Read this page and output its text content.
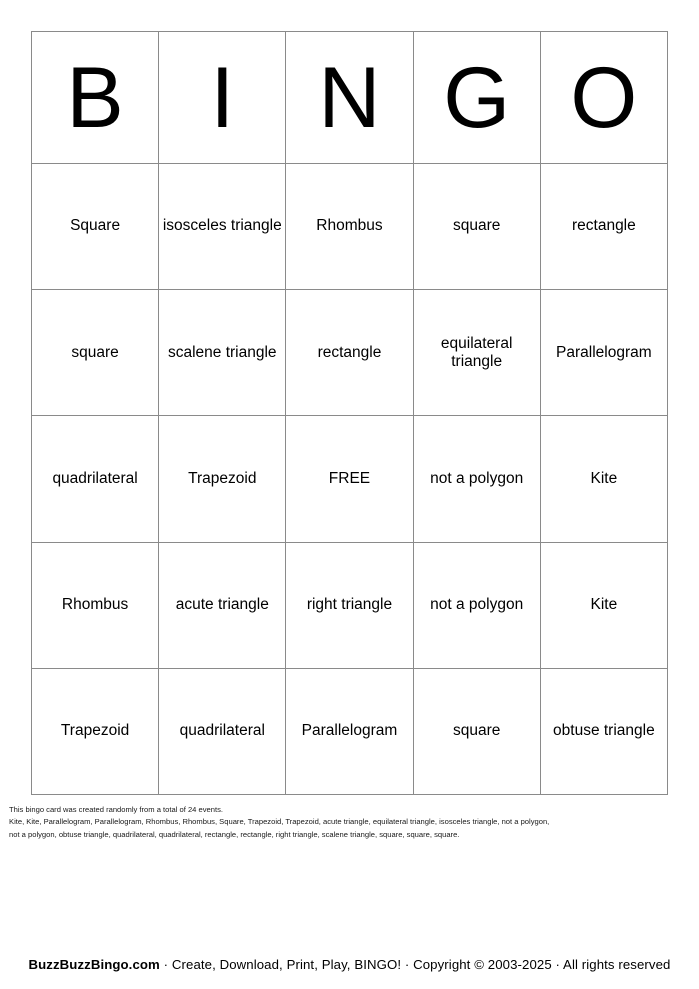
B	I	N	G	O

Square	isosceles triangle	Rhombus	square	rectangle

square	scalene triangle	rectangle	equilateral triangle	Parallelogram

quadrilateral	Trapezoid	FREE	not a polygon	Kite

Rhombus	acute triangle	right triangle	not a polygon	Kite

Trapezoid	quadrilateral	Parallelogram	square	obtuse triangle
This bingo card was created randomly from a total of 24 events.
Kite, Kite, Parallelogram, Parallelogram, Rhombus, Rhombus, Square, Trapezoid, Trapezoid, acute triangle, equilateral triangle, isosceles triangle, not a polygon,
not a polygon, obtuse triangle, quadrilateral, quadrilateral, rectangle, rectangle, right triangle, scalene triangle, square, square, square.
BuzzBuzzBingo.com · Create, Download, Print, Play, BINGO! · Copyright © 2003-2025 · All rights reserved
